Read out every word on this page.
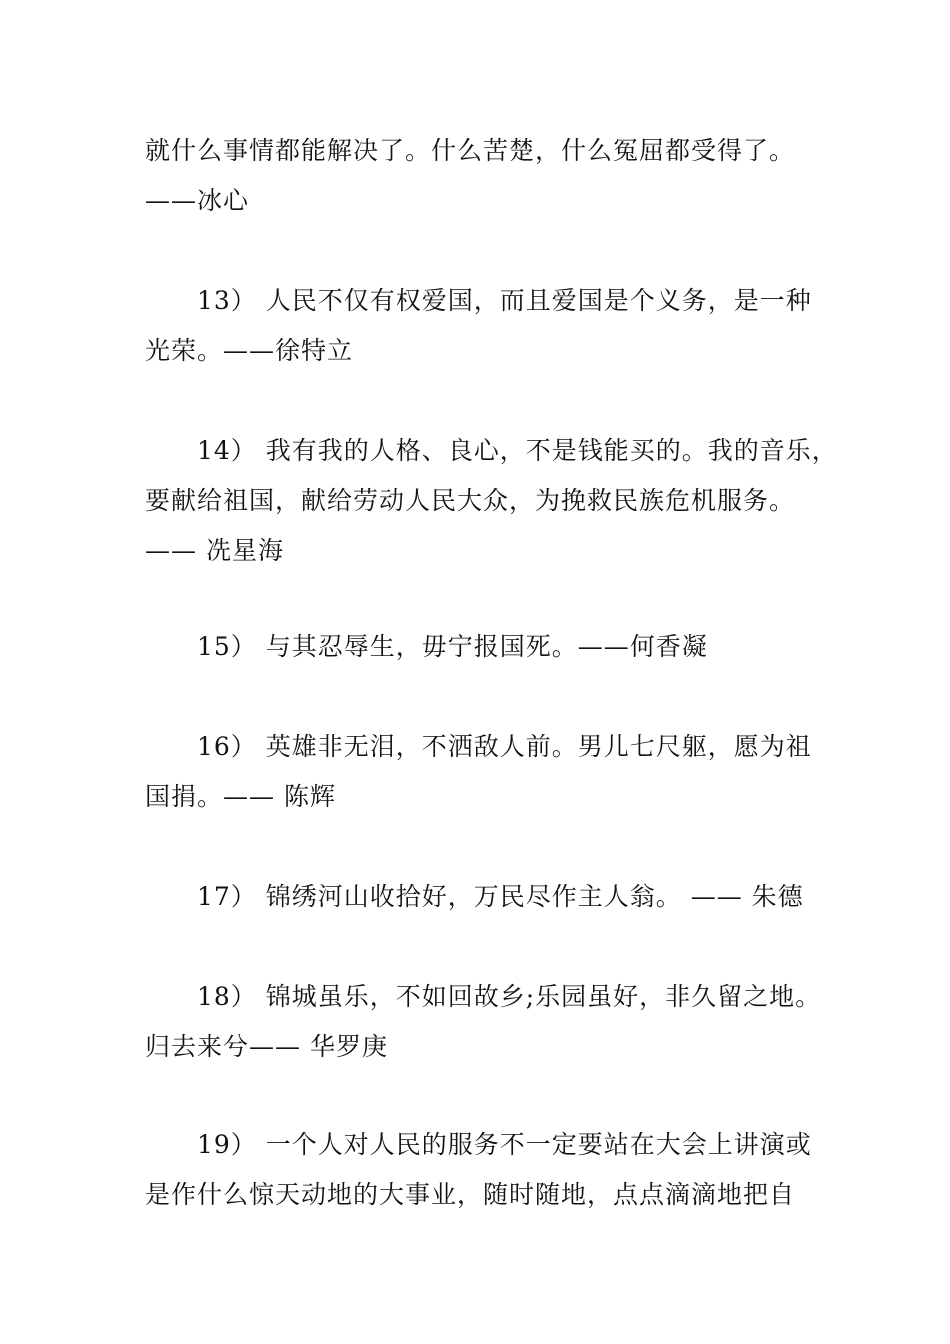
就什么事情都能解决了。什么苦楚，什么冤屈都受得了。
——冰心
13） 人民不仅有权爱国，而且爱国是个义务，是一种
光荣。——徐特立
14） 我有我的人格、良心，不是钱能买的。我的音乐，
要献给祖国，献给劳动人民大众，为挽救民族危机服务。
—— 冼星海
15） 与其忍辱生，毋宁报国死。——何香凝
16） 英雄非无泪，不洒敌人前。男儿七尺躯，愿为祖
国捐。—— 陈辉
17） 锦绣河山收拾好，万民尽作主人翁。 —— 朱德
18） 锦城虽乐，不如回故乡;乐园虽好，非久留之地。
归去来兮—— 华罗庚
19） 一个人对人民的服务不一定要站在大会上讲演或
是作什么惊天动地的大事业，随时随地，点点滴滴地把自
